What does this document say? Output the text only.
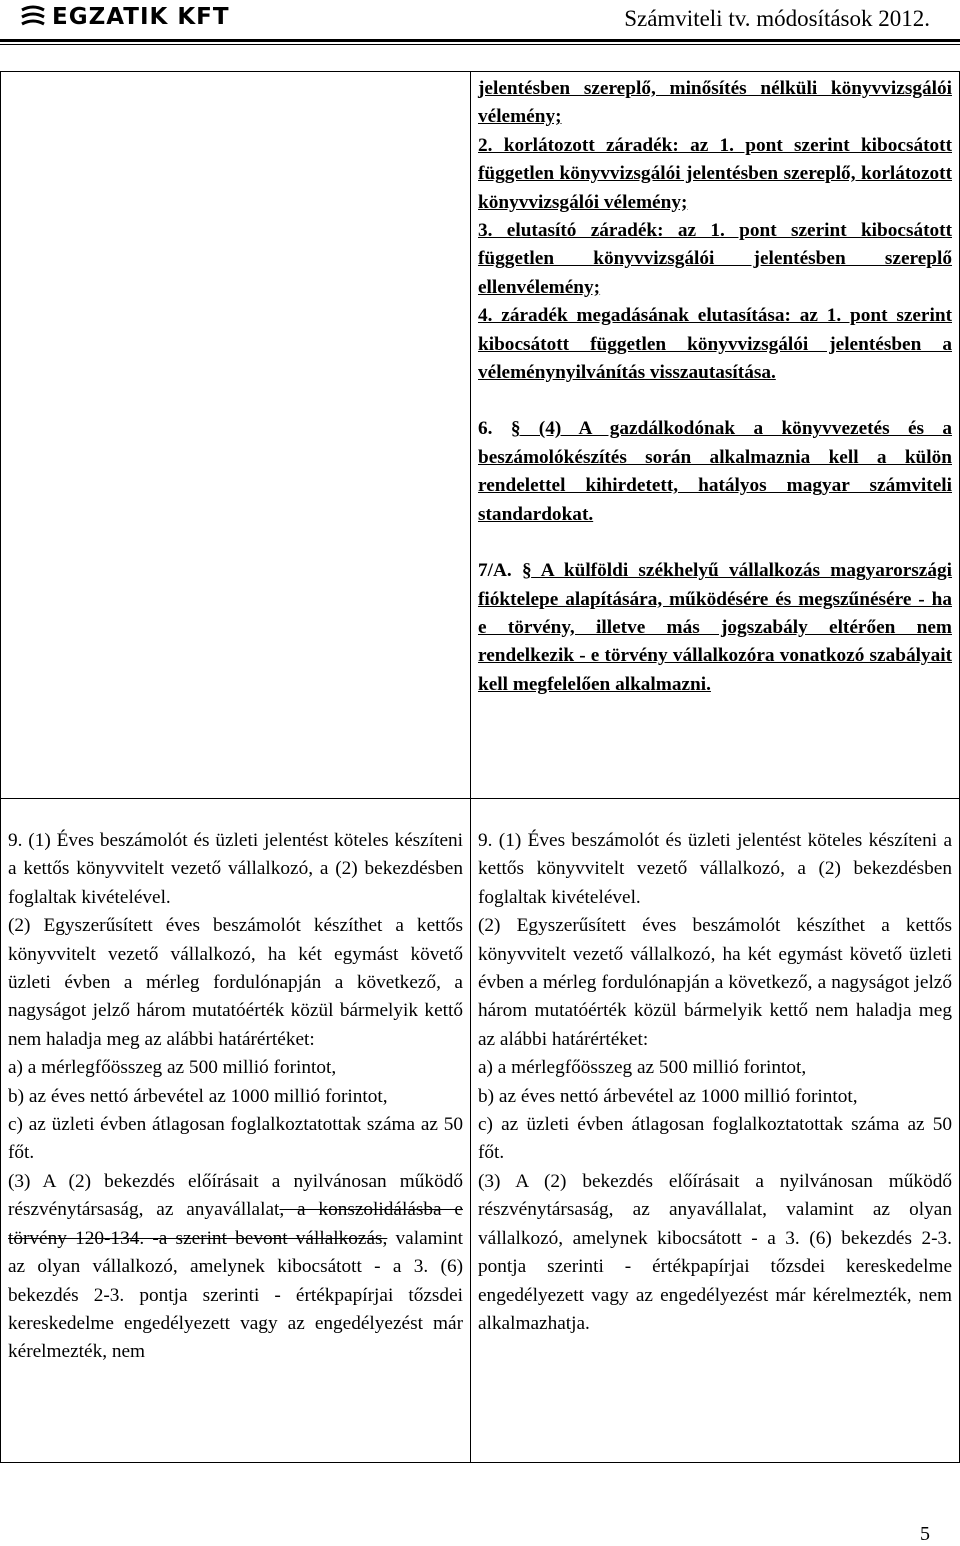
EGZATIK KFT	Számviteli tv. módosítások 2012.

jelentésben szereplő, minősítés nélküli könyvvizsgálói vélemény;

2. korlátozott záradék: az 1. pont szerint kibocsátott független könyvvizsgálói jelentésben szereplő, korlátozott könyvvizsgálói vélemény;

3. elutasító záradék: az 1. pont szerint kibocsátott független könyvvizsgálói jelentésben szereplő ellenvélemény;

4. záradék megadásának elutasítása: az 1. pont szerint kibocsátott független könyvvizsgálói jelentésben a véleménynyilvánítás visszautasítása.

6. § (4) A gazdálkodónak a könyvvezetés és a beszámolókészítés során alkalmaznia kell a külön rendelettel kihirdetett, hatályos magyar számviteli standardokat.

7/A. § A külföldi székhelyű vállalkozás magyarországi fióktelepe alapítására, működésére és megszűnésére - ha e törvény, illetve más jogszabály eltérően nem rendelkezik - e törvény vállalkozóra vonatkozó szabályait kell megfelelően alkalmazni.

9. (1) Éves beszámolót és üzleti jelentést köteles készíteni a kettős könyvvitelt vezető vállalkozó, a (2) bekezdésben foglaltak kivételével.

(2) Egyszerűsített éves beszámolót készíthet a kettős könyvvitelt vezető vállalkozó, ha két egymást követő üzleti évben a mérleg fordulónapján a következő, a nagyságot jelző három mutatóérték közül bármelyik kettő nem haladja meg az alábbi határértéket:

a) a mérlegfőösszeg az 500 millió forintot,

b) az éves nettó árbevétel az 1000 millió forintot,

c) az üzleti évben átlagosan foglalkoztatottak száma az 50 főt.

(3) A (2) bekezdés előírásait a nyilvánosan működő részvénytársaság, az anyavállalat, a konszolidálásba e törvény 120-134. -a szerint bevont vállalkozás, valamint az olyan vállalkozó, amelynek kibocsátott - a 3. (6) bekezdés 2-3. pontja szerinti - értékpapírjai tőzsdei kereskedelme engedélyezett vagy az engedélyezést már kérelmezték, nem

9. (1) Éves beszámolót és üzleti jelentést köteles készíteni a kettős könyvvitelt vezető vállalkozó, a (2) bekezdésben foglaltak kivételével.

(2) Egyszerűsített éves beszámolót készíthet a kettős könyvvitelt vezető vállalkozó, ha két egymást követő üzleti évben a mérleg fordulónapján a következő, a nagyságot jelző három mutatóérték közül bármelyik kettő nem haladja meg az alábbi határértéket:

a) a mérlegfőösszeg az 500 millió forintot,

b) az éves nettó árbevétel az 1000 millió forintot,

c) az üzleti évben átlagosan foglalkoztatottak száma az 50 főt.

(3) A (2) bekezdés előírásait a nyilvánosan működő részvénytársaság, az anyavállalat, valamint az olyan vállalkozó, amelynek kibocsátott - a 3. (6) bekezdés 2-3. pontja szerinti - értékpapírjai tőzsdei kereskedelme engedélyezett vagy az engedélyezést már kérelmezték, nem alkalmazhatja.

5
